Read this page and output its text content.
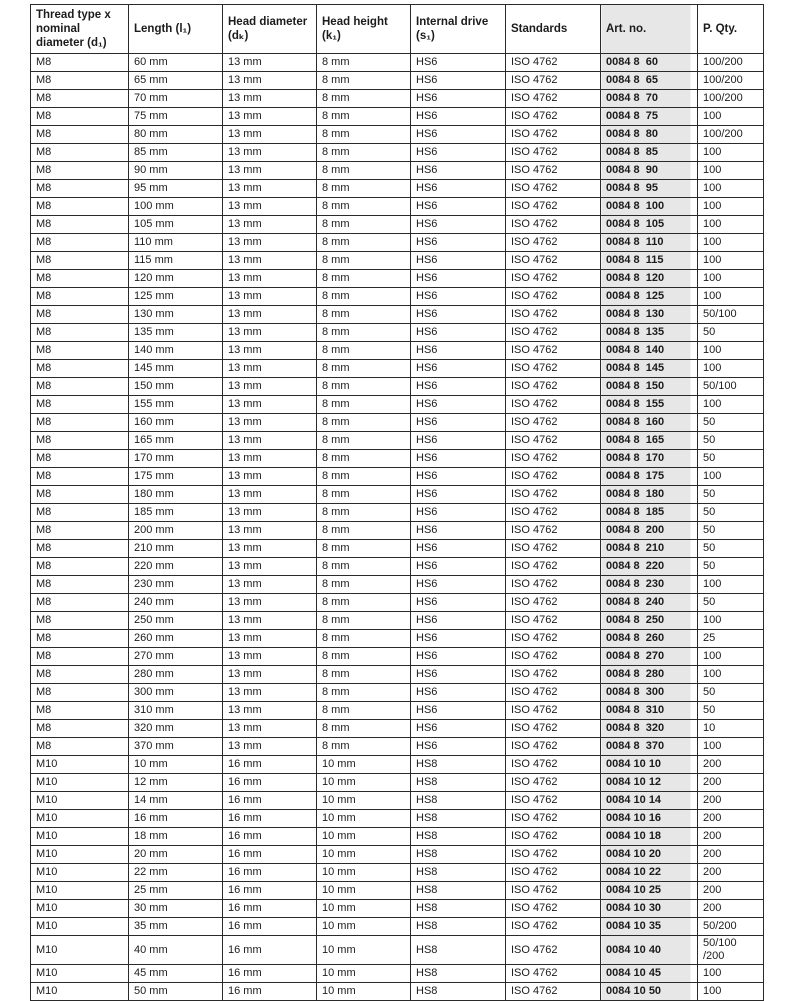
Thread type x nominal diameter (d₁)	Length (l₁)	Head diameter (dₖ)	Head height (k₁)	Internal drive (s₁)	Standards	Art. no.	P. Qty.
M8	60 mm	13 mm	8 mm	HS6	ISO 4762	0084 8  60	100/200
M8	65 mm	13 mm	8 mm	HS6	ISO 4762	0084 8  65	100/200
M8	70 mm	13 mm	8 mm	HS6	ISO 4762	0084 8  70	100/200
M8	75 mm	13 mm	8 mm	HS6	ISO 4762	0084 8  75	100
M8	80 mm	13 mm	8 mm	HS6	ISO 4762	0084 8  80	100/200
M8	85 mm	13 mm	8 mm	HS6	ISO 4762	0084 8  85	100
M8	90 mm	13 mm	8 mm	HS6	ISO 4762	0084 8  90	100
M8	95 mm	13 mm	8 mm	HS6	ISO 4762	0084 8  95	100
M8	100 mm	13 mm	8 mm	HS6	ISO 4762	0084 8  100	100
M8	105 mm	13 mm	8 mm	HS6	ISO 4762	0084 8  105	100
M8	110 mm	13 mm	8 mm	HS6	ISO 4762	0084 8  110	100
M8	115 mm	13 mm	8 mm	HS6	ISO 4762	0084 8  115	100
M8	120 mm	13 mm	8 mm	HS6	ISO 4762	0084 8  120	100
M8	125 mm	13 mm	8 mm	HS6	ISO 4762	0084 8  125	100
M8	130 mm	13 mm	8 mm	HS6	ISO 4762	0084 8  130	50/100
M8	135 mm	13 mm	8 mm	HS6	ISO 4762	0084 8  135	50
M8	140 mm	13 mm	8 mm	HS6	ISO 4762	0084 8  140	100
M8	145 mm	13 mm	8 mm	HS6	ISO 4762	0084 8  145	100
M8	150 mm	13 mm	8 mm	HS6	ISO 4762	0084 8  150	50/100
M8	155 mm	13 mm	8 mm	HS6	ISO 4762	0084 8  155	100
M8	160 mm	13 mm	8 mm	HS6	ISO 4762	0084 8  160	50
M8	165 mm	13 mm	8 mm	HS6	ISO 4762	0084 8  165	50
M8	170 mm	13 mm	8 mm	HS6	ISO 4762	0084 8  170	50
M8	175 mm	13 mm	8 mm	HS6	ISO 4762	0084 8  175	100
M8	180 mm	13 mm	8 mm	HS6	ISO 4762	0084 8  180	50
M8	185 mm	13 mm	8 mm	HS6	ISO 4762	0084 8  185	50
M8	200 mm	13 mm	8 mm	HS6	ISO 4762	0084 8  200	50
M8	210 mm	13 mm	8 mm	HS6	ISO 4762	0084 8  210	50
M8	220 mm	13 mm	8 mm	HS6	ISO 4762	0084 8  220	50
M8	230 mm	13 mm	8 mm	HS6	ISO 4762	0084 8  230	100
M8	240 mm	13 mm	8 mm	HS6	ISO 4762	0084 8  240	50
M8	250 mm	13 mm	8 mm	HS6	ISO 4762	0084 8  250	100
M8	260 mm	13 mm	8 mm	HS6	ISO 4762	0084 8  260	25
M8	270 mm	13 mm	8 mm	HS6	ISO 4762	0084 8  270	100
M8	280 mm	13 mm	8 mm	HS6	ISO 4762	0084 8  280	100
M8	300 mm	13 mm	8 mm	HS6	ISO 4762	0084 8  300	50
M8	310 mm	13 mm	8 mm	HS6	ISO 4762	0084 8  310	50
M8	320 mm	13 mm	8 mm	HS6	ISO 4762	0084 8  320	10
M8	370 mm	13 mm	8 mm	HS6	ISO 4762	0084 8  370	100
M10	10 mm	16 mm	10 mm	HS8	ISO 4762	0084 10 10	200
M10	12 mm	16 mm	10 mm	HS8	ISO 4762	0084 10 12	200
M10	14 mm	16 mm	10 mm	HS8	ISO 4762	0084 10 14	200
M10	16 mm	16 mm	10 mm	HS8	ISO 4762	0084 10 16	200
M10	18 mm	16 mm	10 mm	HS8	ISO 4762	0084 10 18	200
M10	20 mm	16 mm	10 mm	HS8	ISO 4762	0084 10 20	200
M10	22 mm	16 mm	10 mm	HS8	ISO 4762	0084 10 22	200
M10	25 mm	16 mm	10 mm	HS8	ISO 4762	0084 10 25	200
M10	30 mm	16 mm	10 mm	HS8	ISO 4762	0084 10 30	200
M10	35 mm	16 mm	10 mm	HS8	ISO 4762	0084 10 35	50/200
M10	40 mm	16 mm	10 mm	HS8	ISO 4762	0084 10 40	50/100 /200
M10	45 mm	16 mm	10 mm	HS8	ISO 4762	0084 10 45	100
M10	50 mm	16 mm	10 mm	HS8	ISO 4762	0084 10 50	100
